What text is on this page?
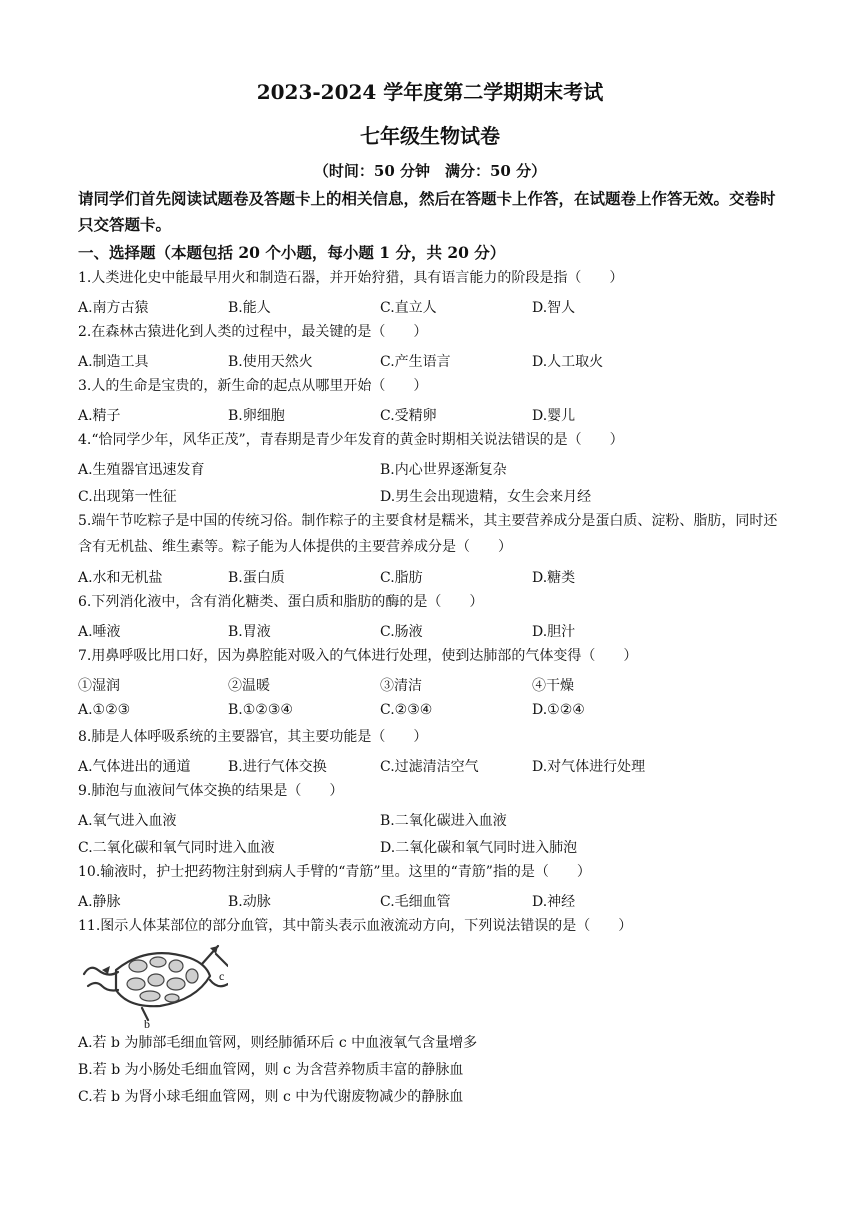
2023-2024 学年度第二学期期末考试
七年级生物试卷
（时间：50 分钟　满分：50 分）
请同学们首先阅读试题卷及答题卡上的相关信息，然后在答题卡上作答，在试题卷上作答无效。交卷时只交答题卡。
一、选择题（本题包括 20 个小题，每小题 1 分，共 20 分）
1.人类进化史中能最早用火和制造石器，并开始狩猎，具有语言能力的阶段是指（　　）
A.南方古猿	B.能人	C.直立人	D.智人
2.在森林古猿进化到人类的过程中，最关键的是（　　）
A.制造工具	B.使用天然火	C.产生语言	D.人工取火
3.人的生命是宝贵的，新生命的起点从哪里开始（　　）
A.精子	B.卵细胞	C.受精卵	D.婴儿
4.“恰同学少年，风华正茂”，青春期是青少年发育的黄金时期相关说法错误的是（　　）
A.生殖器官迅速发育	B.内心世界逐渐复杂
C.出现第一性征	D.男生会出现遗精，女生会来月经
5.端午节吃粽子是中国的传统习俗。制作粽子的主要食材是糯米，其主要营养成分是蛋白质、淀粉、脂肪，同时还含有无机盐、维生素等。粽子能为人体提供的主要营养成分是（　　）
A.水和无机盐	B.蛋白质	C.脂肪	D.糖类
6.下列消化液中，含有消化糖类、蛋白质和脂肪的酶的是（　　）
A.唾液	B.胃液	C.肠液	D.胆汁
7.用鼻呼吸比用口好，因为鼻腔能对吸入的气体进行处理，使到达肺部的气体变得（　　）
①湿润	②温暖	③清洁	④干燥
A.①②③	B.①②③④	C.②③④	D.①②④
8.肺是人体呼吸系统的主要器官，其主要功能是（　　）
A.气体进出的通道	B.进行气体交换	C.过滤清洁空气	D.对气体进行处理
9.肺泡与血液间气体交换的结果是（　　）
A.氧气进入血液	B.二氧化碳进入血液
C.二氧化碳和氧气同时进入血液	D.二氧化碳和氧气同时进入肺泡
10.输液时，护士把药物注射到病人手臂的“青筋”里。这里的“青筋”指的是（　　）
A.静脉	B.动脉	C.毛细血管	D.神经
11.图示人体某部位的部分血管，其中箭头表示血液流动方向，下列说法错误的是（　　）
b
c
A.若 b 为肺部毛细血管网，则经肺循环后 c 中血液氧气含量增多
B.若 b 为小肠处毛细血管网，则 c 为含营养物质丰富的静脉血
C.若 b 为肾小球毛细血管网，则 c 中为代谢废物减少的静脉血
